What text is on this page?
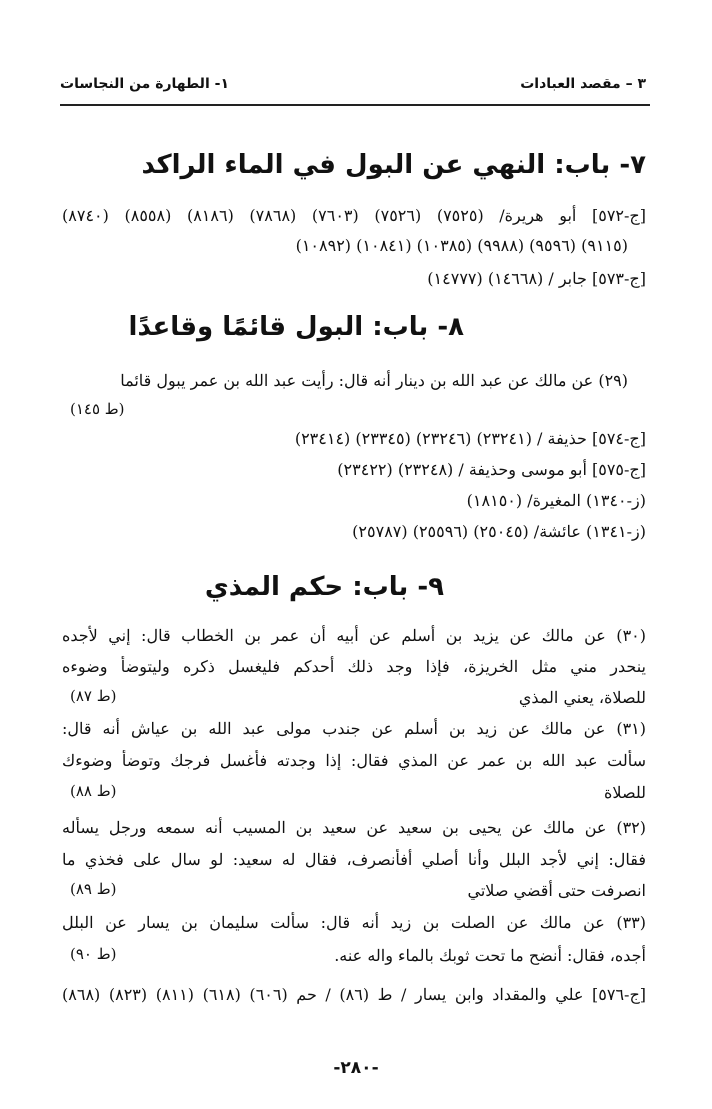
٣ – مقصد العبادات
١- الطهارة من النجاسات
٧- باب: النهي عن البول في الماء الراكد
[ج-٥٧٢] أبو هريرة/ (٧٥٢٥) (٧٥٢٦) (٧٦٠٣) (٧٨٦٨) (٨١٨٦) (٨٥٥٨) (٨٧٤٠)
(٩١١٥) (٩٥٩٦) (٩٩٨٨) (١٠٣٨٥) (١٠٨٤١) (١٠٨٩٢)
[ج-٥٧٣] جابر / (١٤٦٦٨) (١٤٧٧٧)
٨- باب: البول قائمًا وقاعدًا
(٢٩) عن مالك عن عبد الله بن دينار أنه قال: رأيت عبد الله بن عمر يبول قائما
(ط ١٤٥)
[ج-٥٧٤] حذيفة / (٢٣٢٤١) (٢٣٢٤٦) (٢٣٣٤٥) (٢٣٤١٤)
[ج-٥٧٥] أبو موسى وحذيفة / (٢٣٢٤٨) (٢٣٤٢٢)
(ز-١٣٤٠) المغيرة/ (١٨١٥٠)
(ز-١٣٤١) عائشة/ (٢٥٠٤٥) (٢٥٥٩٦) (٢٥٧٨٧)
٩- باب: حكم المذي
(٣٠) عن مالك عن يزيد بن أسلم عن أبيه أن عمر بن الخطاب قال: إني لأجده
ينحدر مني مثل الخريزة، فإذا وجد ذلك أحدكم فليغسل ذكره وليتوضأ وضوءه
للصلاة، يعني المذي
(ط ٨٧)
(٣١) عن مالك عن زيد بن أسلم عن جندب مولى عبد الله بن عياش أنه قال:
سألت عبد الله بن عمر عن المذي فقال: إذا وجدته فأغسل فرجك وتوضأ وضوءك
للصلاة
(ط ٨٨)
(٣٢) عن مالك عن يحيى بن سعيد عن سعيد بن المسيب أنه سمعه ورجل يسأله
فقال: إني لأجد البلل وأنا أصلي أفأنصرف، فقال له سعيد: لو سال على فخذي ما
انصرفت حتى أقضي صلاتي
(ط ٨٩)
(٣٣) عن مالك عن الصلت بن زيد أنه قال: سألت سليمان بن يسار عن البلل
أجده، فقال: أنضح ما تحت ثوبك بالماء واله عنه.
(ط ٩٠)
[ج-٥٧٦] علي والمقداد وابن يسار / ط (٨٦) / حم (٦٠٦) (٦١٨) (٨١١) (٨٢٣) (٨٦٨)
-٢٨٠-
